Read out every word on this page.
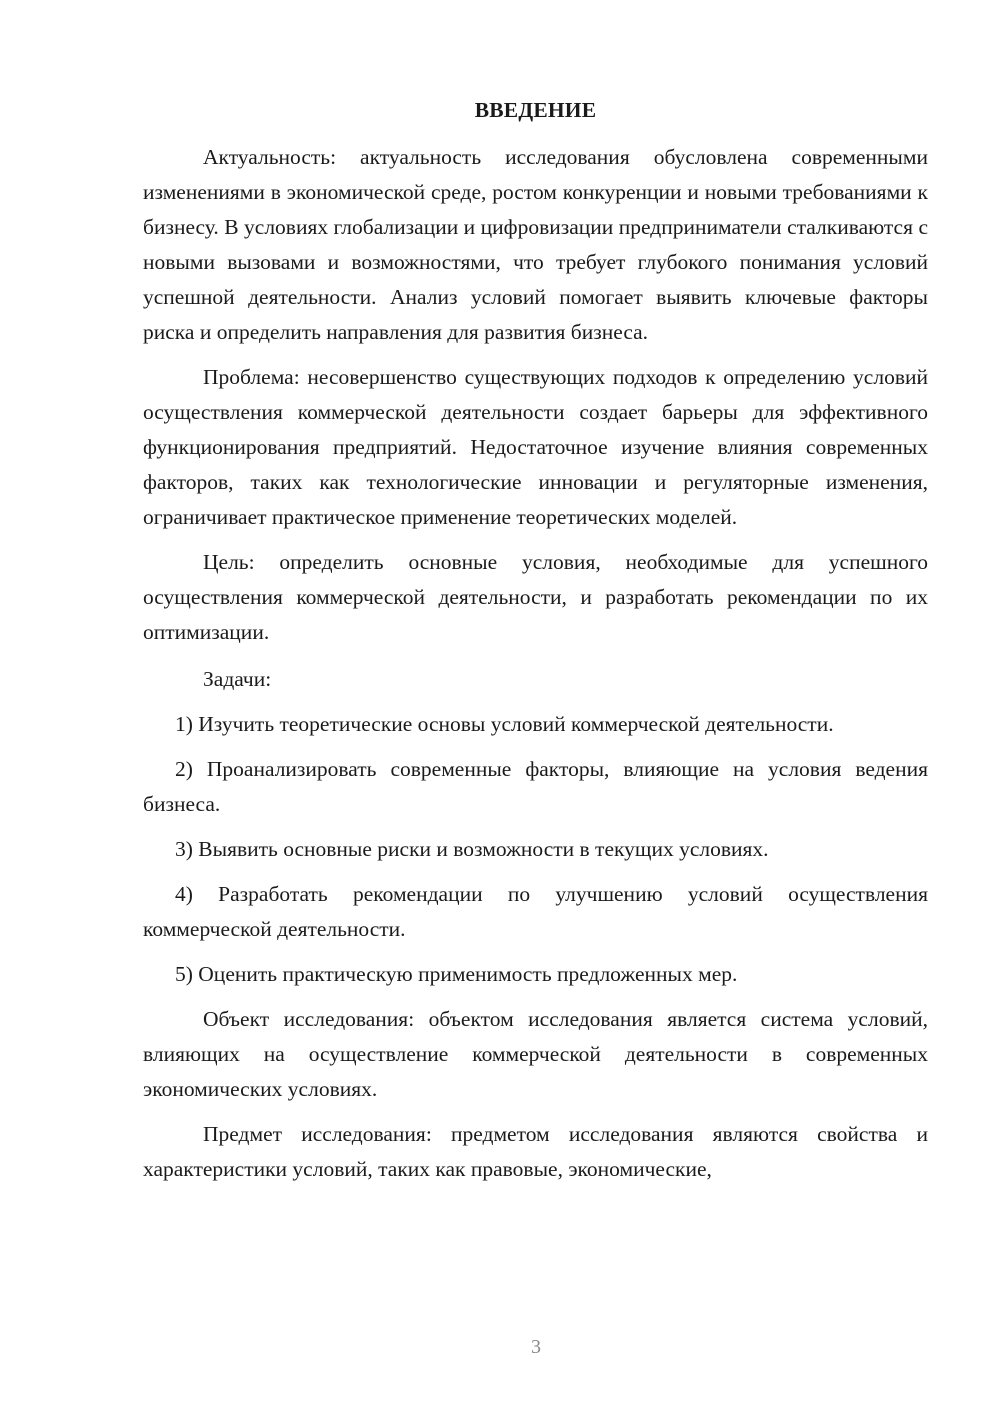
ВВЕДЕНИЕ

Актуальность: актуальность исследования обусловлена современными изменениями в экономической среде, ростом конкуренции и новыми требованиями к бизнесу. В условиях глобализации и цифровизации предприниматели сталкиваются с новыми вызовами и возможностями, что требует глубокого понимания условий успешной деятельности. Анализ условий помогает выявить ключевые факторы риска и определить направления для развития бизнеса.

Проблема: несовершенство существующих подходов к определению условий осуществления коммерческой деятельности создает барьеры для эффективного функционирования предприятий. Недостаточное изучение влияния современных факторов, таких как технологические инновации и регуляторные изменения, ограничивает практическое применение теоретических моделей.

Цель: определить основные условия, необходимые для успешного осуществления коммерческой деятельности, и разработать рекомендации по их оптимизации.

Задачи:

1) Изучить теоретические основы условий коммерческой деятельности.

2) Проанализировать современные факторы, влияющие на условия ведения бизнеса.

3) Выявить основные риски и возможности в текущих условиях.

4) Разработать рекомендации по улучшению условий осуществления коммерческой деятельности.

5) Оценить практическую применимость предложенных мер.

Объект исследования: объектом исследования является система условий, влияющих на осуществление коммерческой деятельности в современных экономических условиях.

Предмет исследования: предметом исследования являются свойства и характеристики условий, таких как правовые, экономические,

3
